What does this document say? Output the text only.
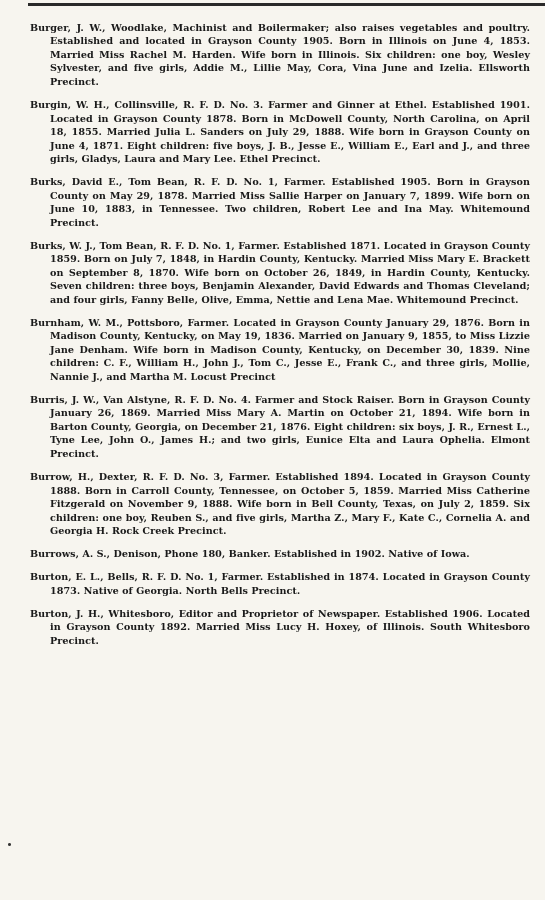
Burger, J. W., Woodlake, Machinist and Boilermaker; also raises vegetables and poultry. Established and located in Grayson County 1905. Born in Illinois on June 4, 1853. Married Miss Rachel M. Harden. Wife born in Illinois. Six children: one boy, Wesley Sylvester, and five girls, Addie M., Lillie May, Cora, Vina June and Izelia. Ellsworth Precinct.

Burgin, W. H., Collinsville, R. F. D. No. 3. Farmer and Ginner at Ethel. Established 1901. Located in Grayson County 1878. Born in McDowell County, North Carolina, on April 18, 1855. Married Julia L. Sanders on July 29, 1888. Wife born in Grayson County on June 4, 1871. Eight children: five boys, J. B., Jesse E., William E., Earl and J., and three girls, Gladys, Laura and Mary Lee. Ethel Precinct.

Burks, David E., Tom Bean, R. F. D. No. 1, Farmer. Established 1905. Born in Grayson County on May 29, 1878. Married Miss Sallie Harper on January 7, 1899. Wife born on June 10, 1883, in Tennessee. Two children, Robert Lee and Ina May. Whitemound Precinct.

Burks, W. J., Tom Bean, R. F. D. No. 1, Farmer. Established 1871. Located in Grayson County 1859. Born on July 7, 1848, in Hardin County, Kentucky. Married Miss Mary E. Brackett on September 8, 1870. Wife born on October 26, 1849, in Hardin County, Kentucky. Seven children: three boys, Benjamin Alexander, David Edwards and Thomas Cleveland; and four girls, Fanny Belle, Olive, Emma, Nettie and Lena Mae. Whitemound Precinct.

Burnham, W. M., Pottsboro, Farmer. Located in Grayson County January 29, 1876. Born in Madison County, Kentucky, on May 19, 1836. Married on January 9, 1855, to Miss Lizzie Jane Denham. Wife born in Madison County, Kentucky, on December 30, 1839. Nine children: C. F., William H., John J., Tom C., Jesse E., Frank C., and three girls, Mollie, Nannie J., and Martha M. Locust Precinct

Burris, J. W., Van Alstyne, R. F. D. No. 4. Farmer and Stock Raiser. Born in Grayson County January 26, 1869. Married Miss Mary A. Martin on October 21, 1894. Wife born in Barton County, Georgia, on December 21, 1876. Eight children: six boys, J. R., Ernest L., Tyne Lee, John O., James H.; and two girls, Eunice Elta and Laura Ophelia. Elmont Precinct.

Burrow, H., Dexter, R. F. D. No. 3, Farmer. Established 1894. Located in Grayson County 1888. Born in Carroll County, Tennessee, on October 5, 1859. Married Miss Catherine Fitzgerald on November 9, 1888. Wife born in Bell County, Texas, on July 2, 1859. Six children: one boy, Reuben S., and five girls, Martha Z., Mary F., Kate C., Cornelia A. and Georgia H. Rock Creek Precinct.

Burrows, A. S., Denison, Phone 180, Banker. Established in 1902. Native of Iowa.

Burton, E. L., Bells, R. F. D. No. 1, Farmer. Established in 1874. Located in Grayson County 1873. Native of Georgia. North Bells Precinct.

Burton, J. H., Whitesboro, Editor and Proprietor of Newspaper. Established 1906. Located in Grayson County 1892. Married Miss Lucy H. Hoxey, of Illinois. South Whitesboro Precinct.
